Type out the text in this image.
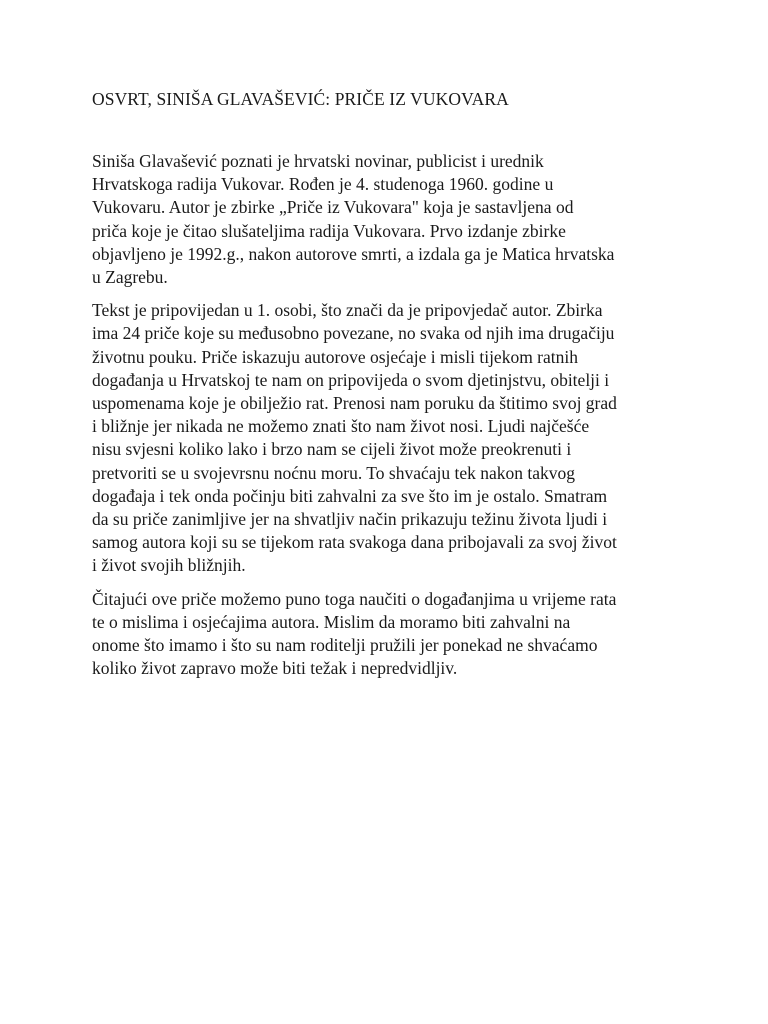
OSVRT, SINIŠA GLAVAŠEVIĆ: PRIČE IZ VUKOVARA
Siniša Glavašević poznati je hrvatski novinar, publicist i urednik
Hrvatskoga radija Vukovar. Rođen je 4. studenoga 1960. godine u
Vukovaru. Autor je zbirke „Priče iz Vukovara" koja je sastavljena od
priča koje je čitao slušateljima radija Vukovara. Prvo izdanje zbirke
objavljeno je 1992.g., nakon autorove smrti, a izdala ga je Matica hrvatska
u Zagrebu.
Tekst je pripovijedan u 1. osobi, što znači da je pripovjedač autor. Zbirka
ima 24 priče koje su međusobno povezane, no svaka od njih ima drugačiju
životnu pouku. Priče iskazuju autorove osjećaje i misli tijekom ratnih
događanja u Hrvatskoj te nam on pripovijeda o svom djetinjstvu, obitelji i
uspomenama koje je obilježio rat. Prenosi nam poruku da štitimo svoj grad
i bližnje jer nikada ne možemo znati što nam život nosi. Ljudi najčešće
nisu svjesni koliko lako i brzo nam se cijeli život može preokrenuti i
pretvoriti se u svojevrsnu noćnu moru. To shvaćaju tek nakon takvog
događaja i tek onda počinju biti zahvalni za sve što im je ostalo. Smatram
da su priče zanimljive jer na shvatljiv način prikazuju težinu života ljudi i
samog autora koji su se tijekom rata svakoga dana pribojavali za svoj život
i život svojih bližnjih.
Čitajući ove priče možemo puno toga naučiti o događanjima u vrijeme rata
te o mislima i osjećajima autora. Mislim da moramo biti zahvalni na
onome što imamo i što su nam roditelji pružili jer ponekad ne shvaćamo
koliko život zapravo može biti težak i nepredvidljiv.
